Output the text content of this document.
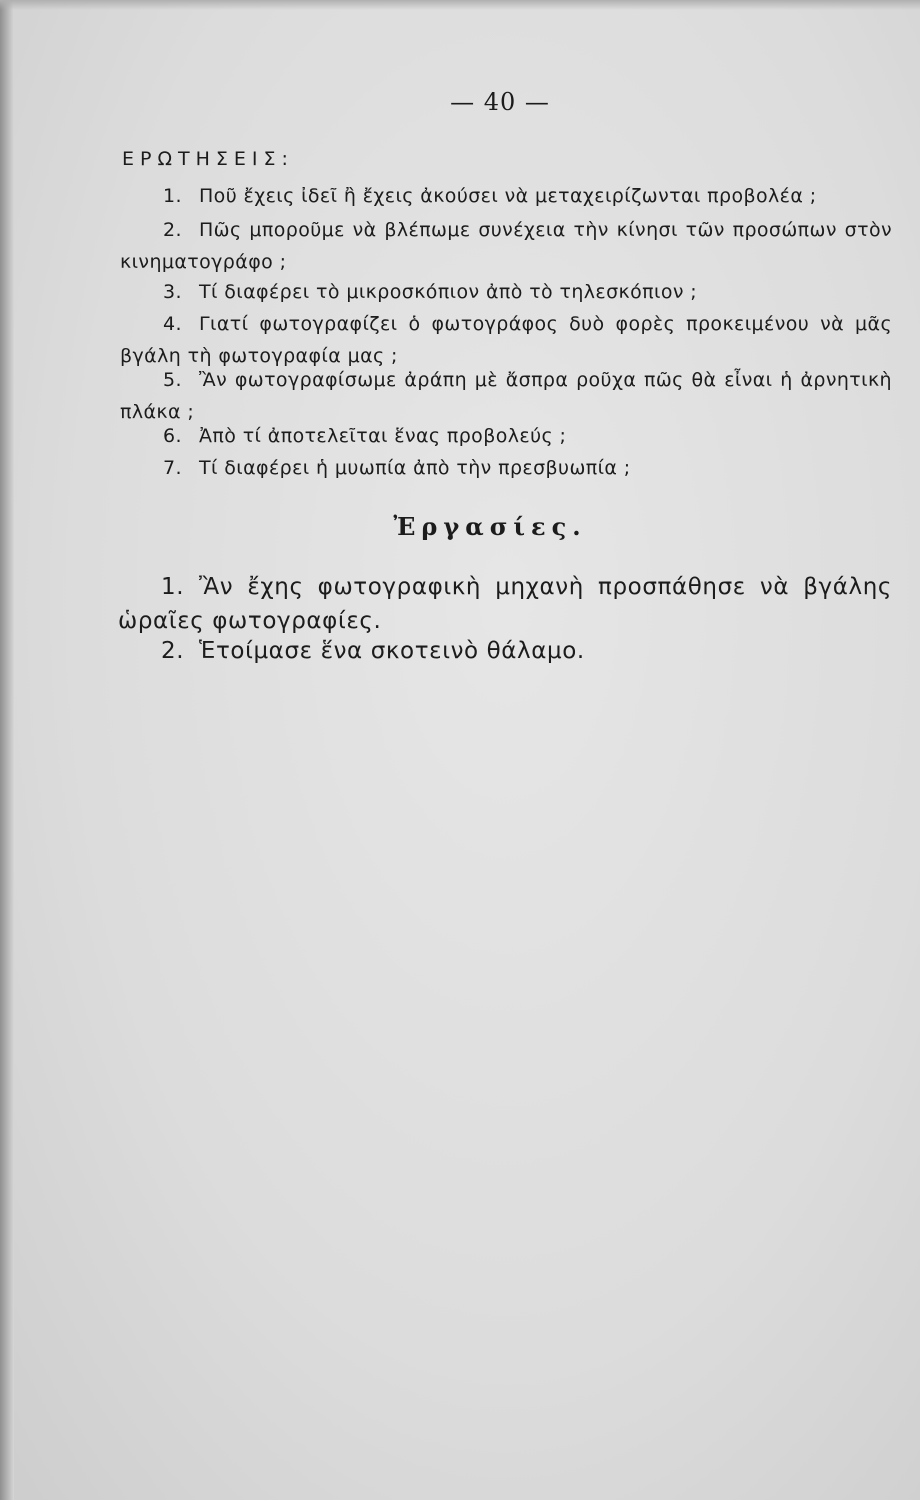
— 40 —
ΕΡΩΤΗΣΕΙΣ:

1. Ποῦ ἔχεις ἰδεῖ ἢ ἔχεις ἀκούσει νὰ μεταχειρίζωνται προβολέα ;

2. Πῶς μποροῦμε νὰ βλέπωμε συνέχεια τὴν κίνησι τῶν προσώπων στὸν κινηματογράφο ;

3. Τί διαφέρει τὸ μικροσκόπιον ἀπὸ τὸ τηλεσκόπιον ;

4. Γιατί φωτογραφίζει ὁ φωτογράφος δυὸ φορὲς προκειμένου νὰ μᾶς βγάλη τὴ φωτογραφία μας ;

5. Ἂν φωτογραφίσωμε ἀράπη μὲ ἄσπρα ροῦχα πῶς θὰ εἶναι ἡ ἀρνητικὴ πλάκα ;

6. Ἀπὸ τί ἀποτελεῖται ἕνας προβολεύς ;

7. Τί διαφέρει ἡ μυωπία ἀπὸ τὴν πρεσβυωπία ;

Ἐργασίες.

1. Ἂν ἔχης φωτογραφικὴ μηχανὴ προσπάθησε νὰ βγάλης ὡραῖες φωτογραφίες.

2. Ἑτοίμασε ἕνα σκοτεινὸ θάλαμο.
